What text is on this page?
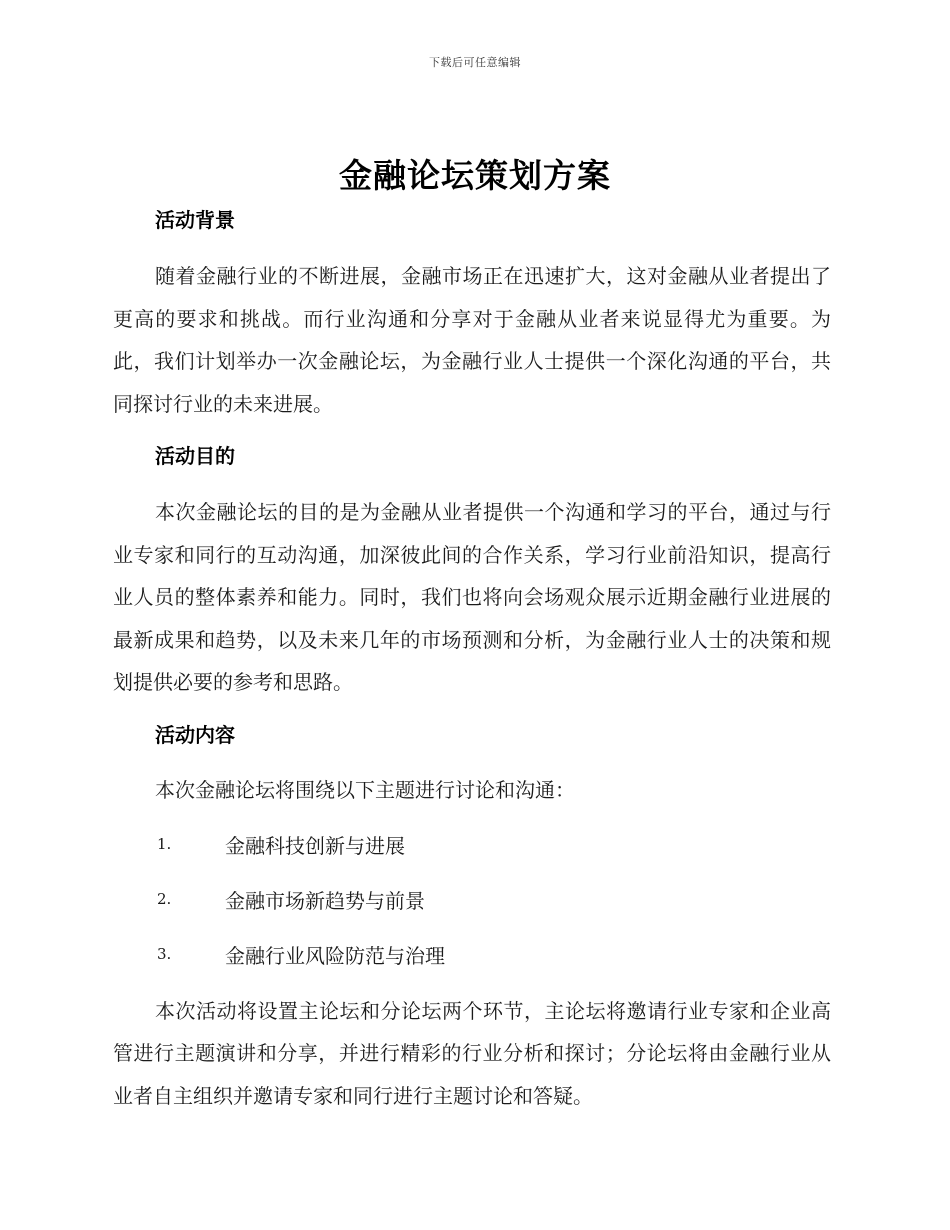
下载后可任意编辑
金融论坛策划方案
活动背景

随着金融行业的不断进展，金融市场正在迅速扩大，这对金融从业者提出了更高的要求和挑战。而行业沟通和分享对于金融从业者来说显得尤为重要。为此，我们计划举办一次金融论坛，为金融行业人士提供一个深化沟通的平台，共同探讨行业的未来进展。

活动目的

本次金融论坛的目的是为金融从业者提供一个沟通和学习的平台，通过与行业专家和同行的互动沟通，加深彼此间的合作关系，学习行业前沿知识，提高行业人员的整体素养和能力。同时，我们也将向会场观众展示近期金融行业进展的最新成果和趋势，以及未来几年的市场预测和分析，为金融行业人士的决策和规划提供必要的参考和思路。

活动内容

本次金融论坛将围绕以下主题进行讨论和沟通：

1.	金融科技创新与进展
2.	金融市场新趋势与前景
3.	金融行业风险防范与治理

本次活动将设置主论坛和分论坛两个环节，主论坛将邀请行业专家和企业高管进行主题演讲和分享，并进行精彩的行业分析和探讨；分论坛将由金融行业从业者自主组织并邀请专家和同行进行主题讨论和答疑。
